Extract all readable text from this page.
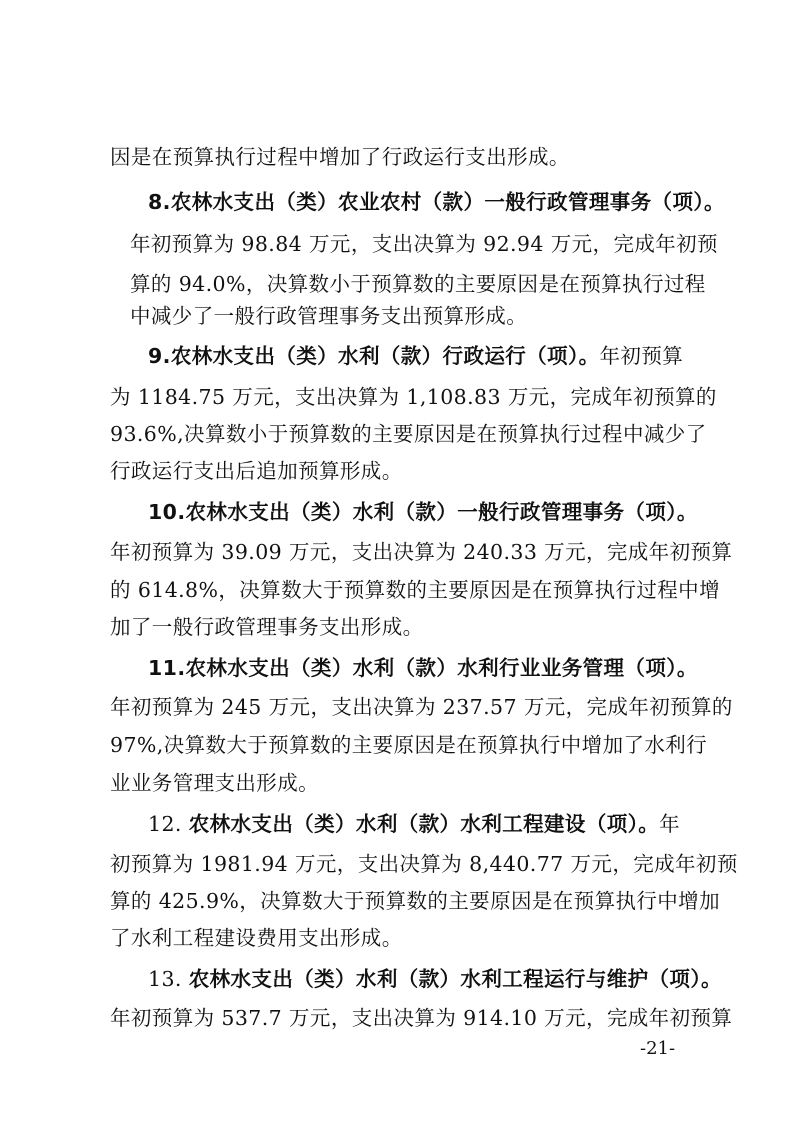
因是在预算执行过程中增加了行政运行支出形成。
8.农林水支出（类）农业农村（款）一般行政管理事务（项）。
年初预算为 98.84 万元，支出决算为 92.94 万元，完成年初预
算的 94.0%，决算数小于预算数的主要原因是在预算执行过程
中减少了一般行政管理事务支出预算形成。
9.农林水支出（类）水利（款）行政运行（项）。年初预算
为 1184.75 万元，支出决算为 1,108.83 万元，完成年初预算的
93.6%,决算数小于预算数的主要原因是在预算执行过程中减少了
行政运行支出后追加预算形成。
10.农林水支出（类）水利（款）一般行政管理事务（项）。
年初预算为 39.09 万元，支出决算为 240.33 万元，完成年初预算
的 614.8%，决算数大于预算数的主要原因是在预算执行过程中增
加了一般行政管理事务支出形成。
11.农林水支出（类）水利（款）水利行业业务管理（项）。
年初预算为 245 万元，支出决算为 237.57 万元，完成年初预算的
97%,决算数大于预算数的主要原因是在预算执行中增加了水利行
业业务管理支出形成。
12. 农林水支出（类）水利（款）水利工程建设（项）。年
初预算为 1981.94 万元，支出决算为 8,440.77 万元，完成年初预
算的 425.9%，决算数大于预算数的主要原因是在预算执行中增加
了水利工程建设费用支出形成。
13. 农林水支出（类）水利（款）水利工程运行与维护（项）。
年初预算为 537.7 万元，支出决算为 914.10 万元，完成年初预算
-21-
